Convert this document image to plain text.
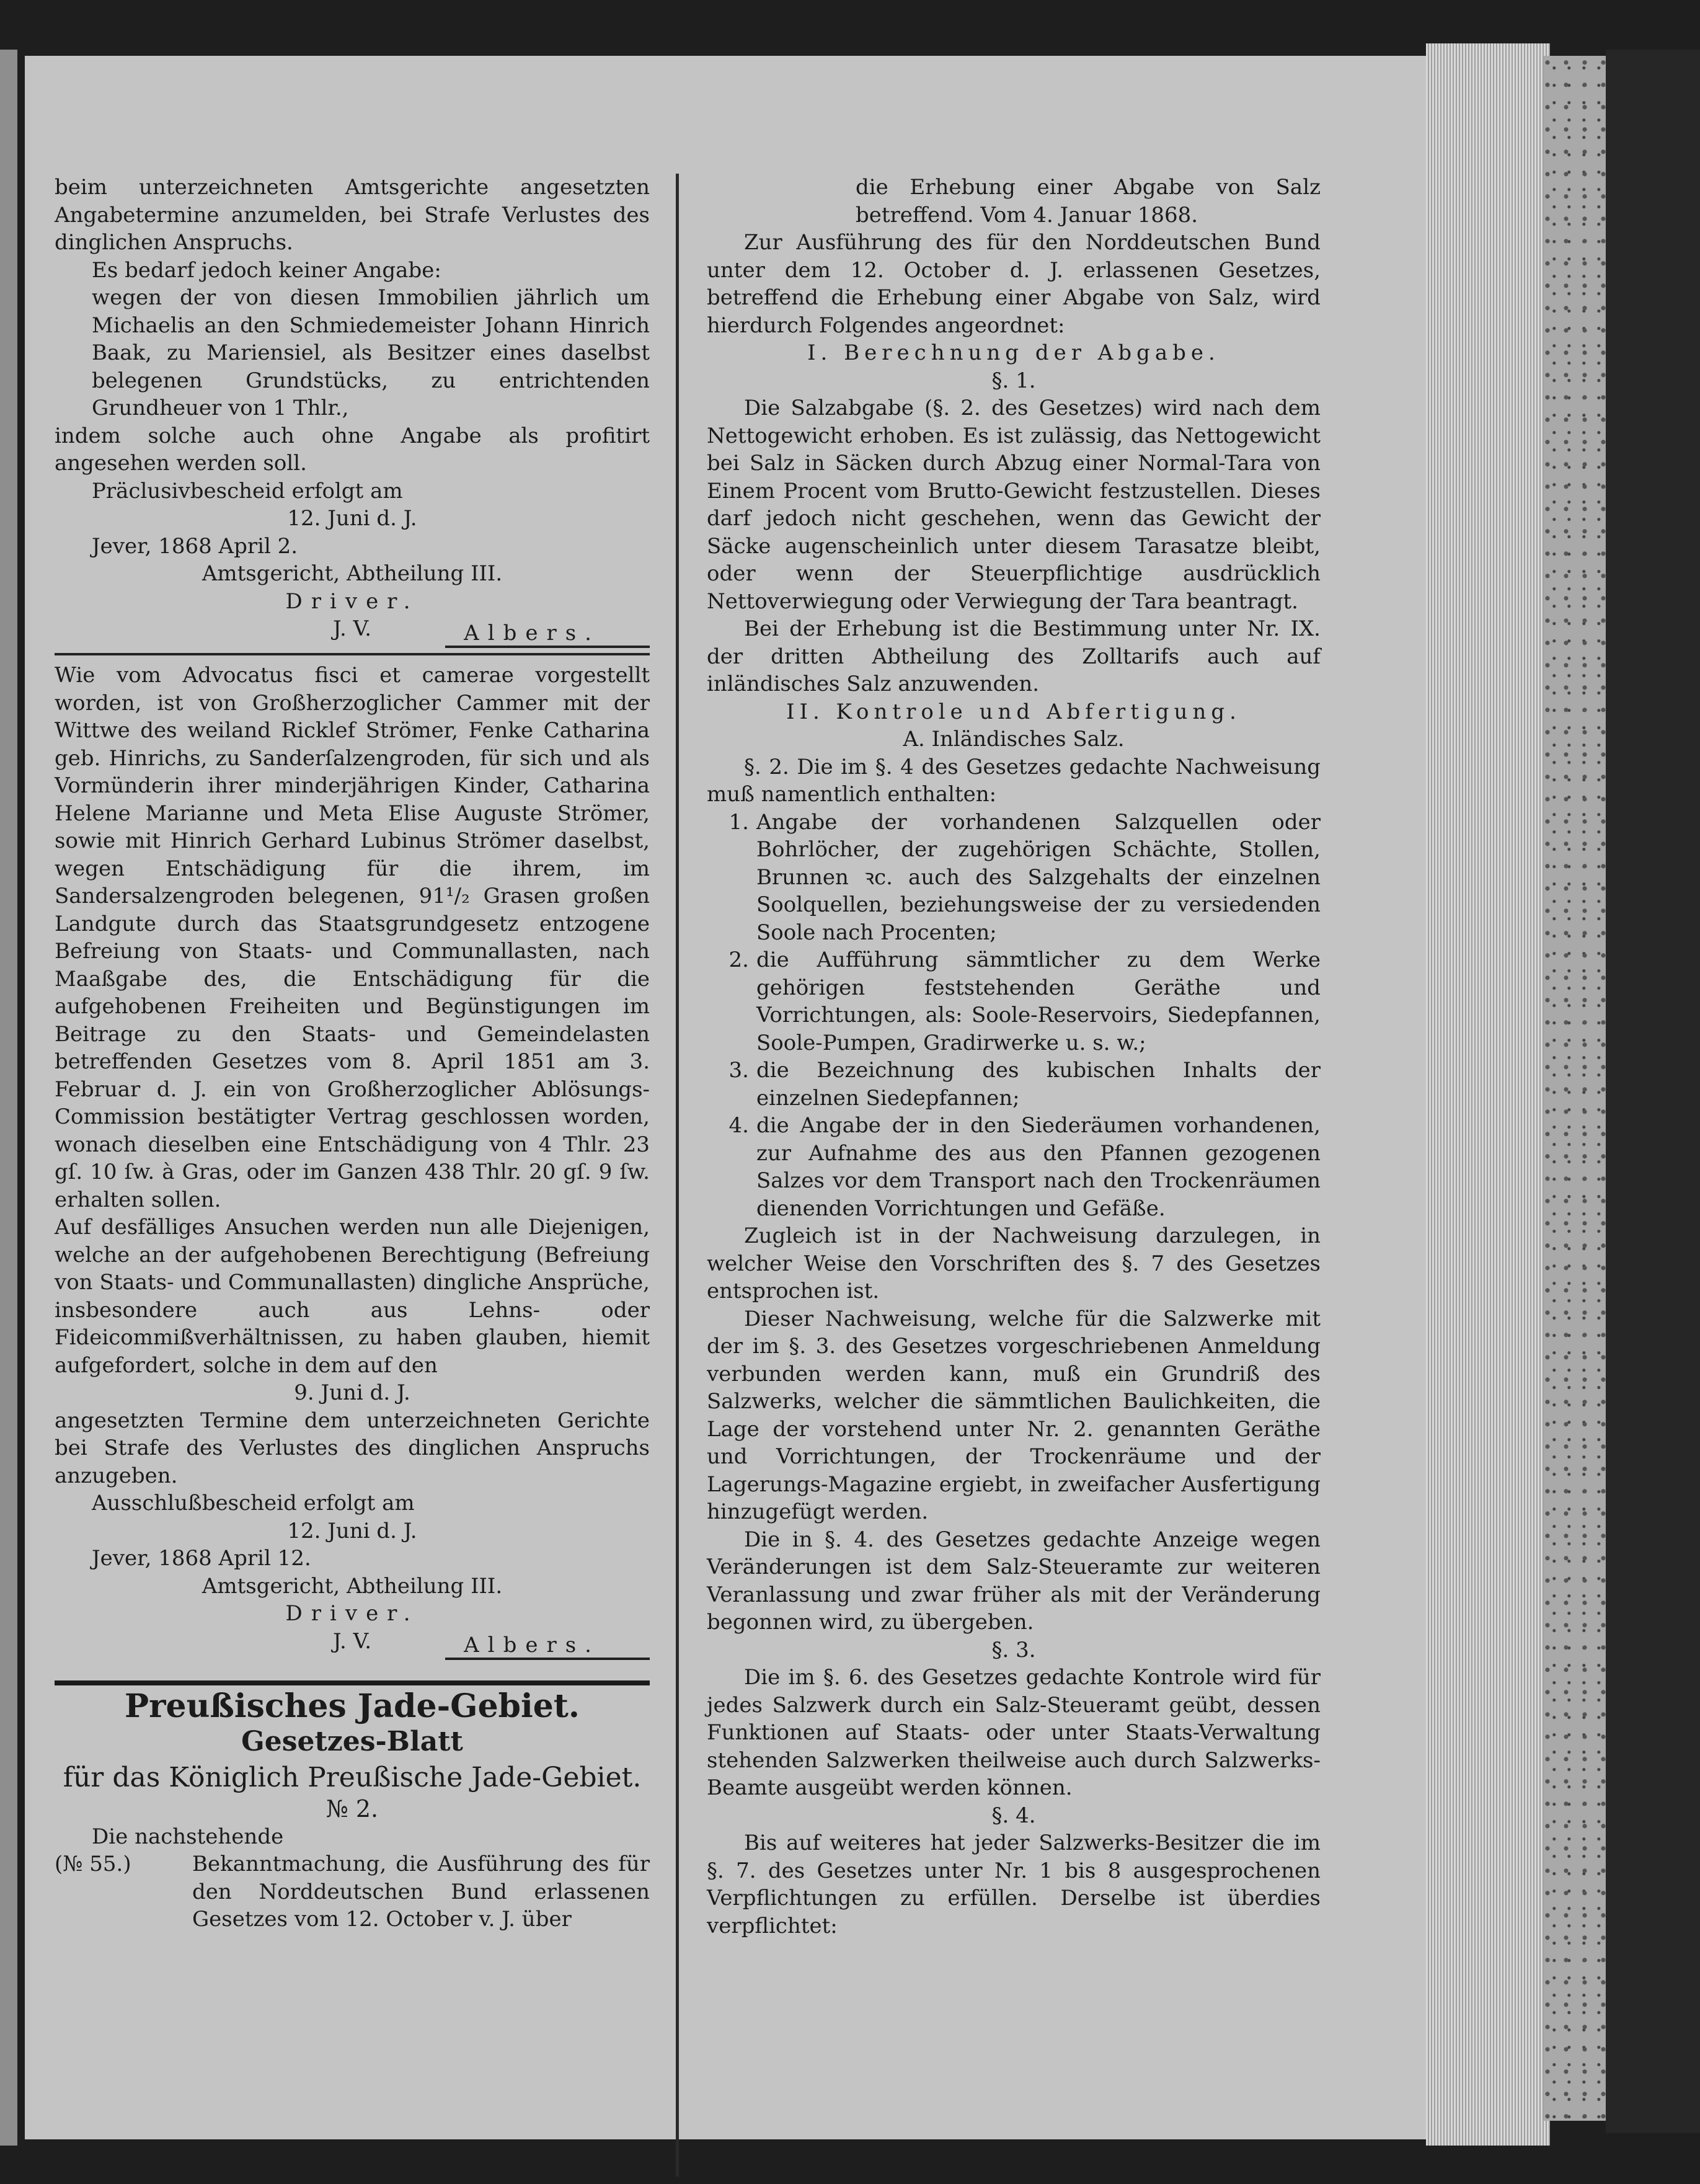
beim unterzeichneten Amtsgerichte angesetzten Angabetermine anzumelden, bei Strafe Verlustes des dinglichen Anspruchs.

Es bedarf jedoch keiner Angabe:

wegen der von diesen Immobilien jährlich um Michaelis an den Schmiedemeister Johann Hinrich Baak, zu Mariensiel, als Besitzer eines daselbst belegenen Grundstücks, zu entrichtenden Grundheuer von 1 Thlr.,

indem solche auch ohne Angabe als profitirt angesehen werden soll.

Präclusivbescheid erfolgt am

12. Juni d. J.

Jever, 1868 April 2.

Amtsgericht, Abtheilung III.

Driver.

J. V.	Albers.

Wie vom Advocatus fisci et camerae vorgestellt worden, ist von Großherzoglicher Cammer mit der Wittwe des weiland Ricklef Strömer, Fenke Catharina geb. Hinrichs, zu Sanderſalzengroden, für sich und als Vormünderin ihrer minderjährigen Kinder, Catharina Helene Marianne und Meta Elise Auguste Strömer, sowie mit Hinrich Gerhard Lubinus Strömer daselbst, wegen Entschädigung für die ihrem, im Sandersalzengroden belegenen, 91¹/₂ Grasen großen Landgute durch das Staatsgrundgesetz entzogene Befreiung von Staats- und Communallasten, nach Maaßgabe des, die Entschädigung für die aufgehobenen Freiheiten und Begünstigungen im Beitrage zu den Staats- und Gemeindelasten betreffenden Gesetzes vom 8. April 1851 am 3. Februar d. J. ein von Großherzoglicher Ablösungs-Commission bestätigter Vertrag geschlossen worden, wonach dieselben eine Entschädigung von 4 Thlr. 23 gſ. 10 ſw. à Gras, oder im Ganzen 438 Thlr. 20 gſ. 9 ſw. erhalten sollen.

Auf desfälliges Ansuchen werden nun alle Diejenigen, welche an der aufgehobenen Berechtigung (Befreiung von Staats- und Communallasten) dingliche Ansprüche, insbesondere auch aus Lehns- oder Fideicommißverhältnissen, zu haben glauben, hiemit aufgefordert, solche in dem auf den

9. Juni d. J.

angesetzten Termine dem unterzeichneten Gerichte bei Strafe des Verlustes des dinglichen Anspruchs anzugeben.

Ausschlußbescheid erfolgt am

12. Juni d. J.

Jever, 1868 April 12.

Amtsgericht, Abtheilung III.

Driver.

J. V.	Albers.

Preußisches Jade-Gebiet.

Gesetzes-Blatt

für das Königlich Preußische Jade-Gebiet.

№ 2.

Die nachstehende

(№ 55.)	Bekanntmachung, die Ausführung des für den Norddeutschen Bund erlassenen Gesetzes vom 12. October v. J. über

die Erhebung einer Abgabe von Salz betreffend. Vom 4. Januar 1868.

Zur Ausführung des für den Norddeutschen Bund unter dem 12. October d. J. erlassenen Gesetzes, betreffend die Erhebung einer Abgabe von Salz, wird hierdurch Folgendes angeordnet:

I. Berechnung der Abgabe.

§. 1.

Die Salzabgabe (§. 2. des Gesetzes) wird nach dem Nettogewicht erhoben. Es ist zulässig, das Nettogewicht bei Salz in Säcken durch Abzug einer Normal-Tara von Einem Procent vom Brutto-Gewicht festzustellen. Dieses darf jedoch nicht geschehen, wenn das Gewicht der Säcke augenscheinlich unter diesem Tarasatze bleibt, oder wenn der Steuerpflichtige ausdrücklich Nettoverwiegung oder Verwiegung der Tara beantragt.

Bei der Erhebung ist die Bestimmung unter Nr. IX. der dritten Abtheilung des Zolltarifs auch auf inländisches Salz anzuwenden.

II. Kontrole und Abfertigung.

A. Inländisches Salz.

§. 2. Die im §. 4 des Gesetzes gedachte Nachweisung muß namentlich enthalten:

1. Angabe der vorhandenen Salzquellen oder Bohrlöcher, der zugehörigen Schächte, Stollen, Brunnen ꝛc. auch des Salzgehalts der einzelnen Soolquellen, beziehungsweise der zu versiedenden Soole nach Procenten;
2. die Aufführung sämmtlicher zu dem Werke gehörigen feststehenden Geräthe und Vorrichtungen, als: Soole-Reservoirs, Siedepfannen, Soole-Pumpen, Gradirwerke u. s. w.;
3. die Bezeichnung des kubischen Inhalts der einzelnen Siedepfannen;
4. die Angabe der in den Siederäumen vorhandenen, zur Aufnahme des aus den Pfannen gezogenen Salzes vor dem Transport nach den Trockenräumen dienenden Vorrichtungen und Gefäße.

Zugleich ist in der Nachweisung darzulegen, in welcher Weise den Vorschriften des §. 7 des Gesetzes entsprochen ist.

Dieser Nachweisung, welche für die Salzwerke mit der im §. 3. des Gesetzes vorgeschriebenen Anmeldung verbunden werden kann, muß ein Grundriß des Salzwerks, welcher die sämmtlichen Baulichkeiten, die Lage der vorstehend unter Nr. 2. genannten Geräthe und Vorrichtungen, der Trockenräume und der Lagerungs-Magazine ergiebt, in zweifacher Ausfertigung hinzugefügt werden.

Die in §. 4. des Gesetzes gedachte Anzeige wegen Veränderungen ist dem Salz-Steueramte zur weiteren Veranlassung und zwar früher als mit der Veränderung begonnen wird, zu übergeben.

§. 3.

Die im §. 6. des Gesetzes gedachte Kontrole wird für jedes Salzwerk durch ein Salz-Steueramt geübt, dessen Funktionen auf Staats- oder unter Staats-Verwaltung stehenden Salzwerken theilweise auch durch Salzwerks-Beamte ausgeübt werden können.

§. 4.

Bis auf weiteres hat jeder Salzwerks-Besitzer die im §. 7. des Gesetzes unter Nr. 1 bis 8 ausgesprochenen Verpflichtungen zu erfüllen. Derselbe ist überdies verpflichtet:
